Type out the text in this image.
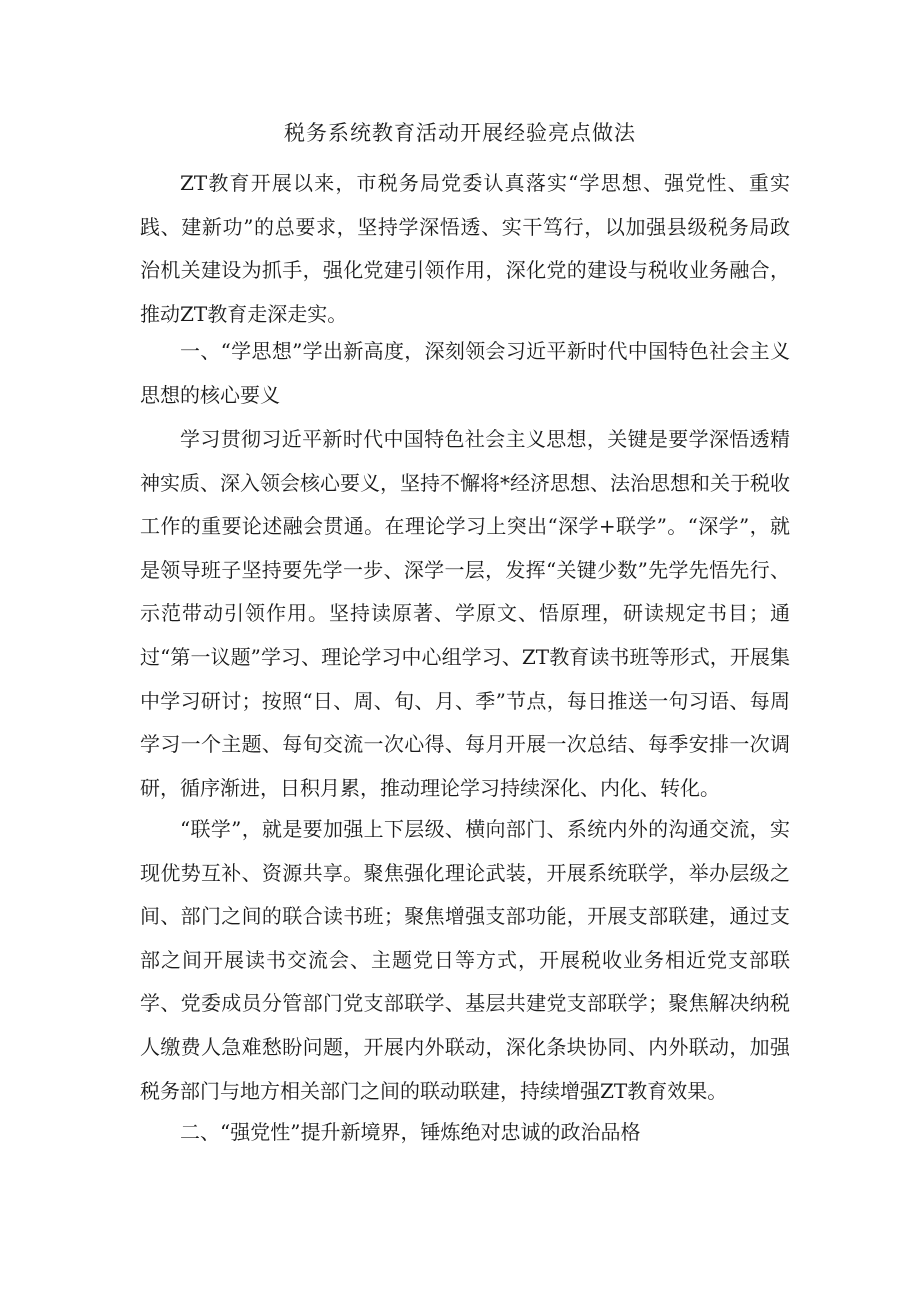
税务系统教育活动开展经验亮点做法

ZT教育开展以来，市税务局党委认真落实“学思想、强党性、重实践、建新功”的总要求，坚持学深悟透、实干笃行，以加强县级税务局政治机关建设为抓手，强化党建引领作用，深化党的建设与税收业务融合，推动ZT教育走深走实。

一、“学思想”学出新高度，深刻领会习近平新时代中国特色社会主义思想的核心要义

学习贯彻习近平新时代中国特色社会主义思想，关键是要学深悟透精神实质、深入领会核心要义，坚持不懈将*经济思想、法治思想和关于税收工作的重要论述融会贯通。在理论学习上突出“深学+联学”。“深学”，就是领导班子坚持要先学一步、深学一层，发挥“关键少数”先学先悟先行、示范带动引领作用。坚持读原著、学原文、悟原理，研读规定书目；通过“第一议题”学习、理论学习中心组学习、ZT教育读书班等形式，开展集中学习研讨；按照“日、周、旬、月、季”节点，每日推送一句习语、每周学习一个主题、每旬交流一次心得、每月开展一次总结、每季安排一次调研，循序渐进，日积月累，推动理论学习持续深化、内化、转化。

“联学”，就是要加强上下层级、横向部门、系统内外的沟通交流，实现优势互补、资源共享。聚焦强化理论武装，开展系统联学，举办层级之间、部门之间的联合读书班；聚焦增强支部功能，开展支部联建，通过支部之间开展读书交流会、主题党日等方式，开展税收业务相近党支部联学、党委成员分管部门党支部联学、基层共建党支部联学；聚焦解决纳税人缴费人急难愁盼问题，开展内外联动，深化条块协同、内外联动，加强税务部门与地方相关部门之间的联动联建，持续增强ZT教育效果。

二、“强党性”提升新境界，锤炼绝对忠诚的政治品格
